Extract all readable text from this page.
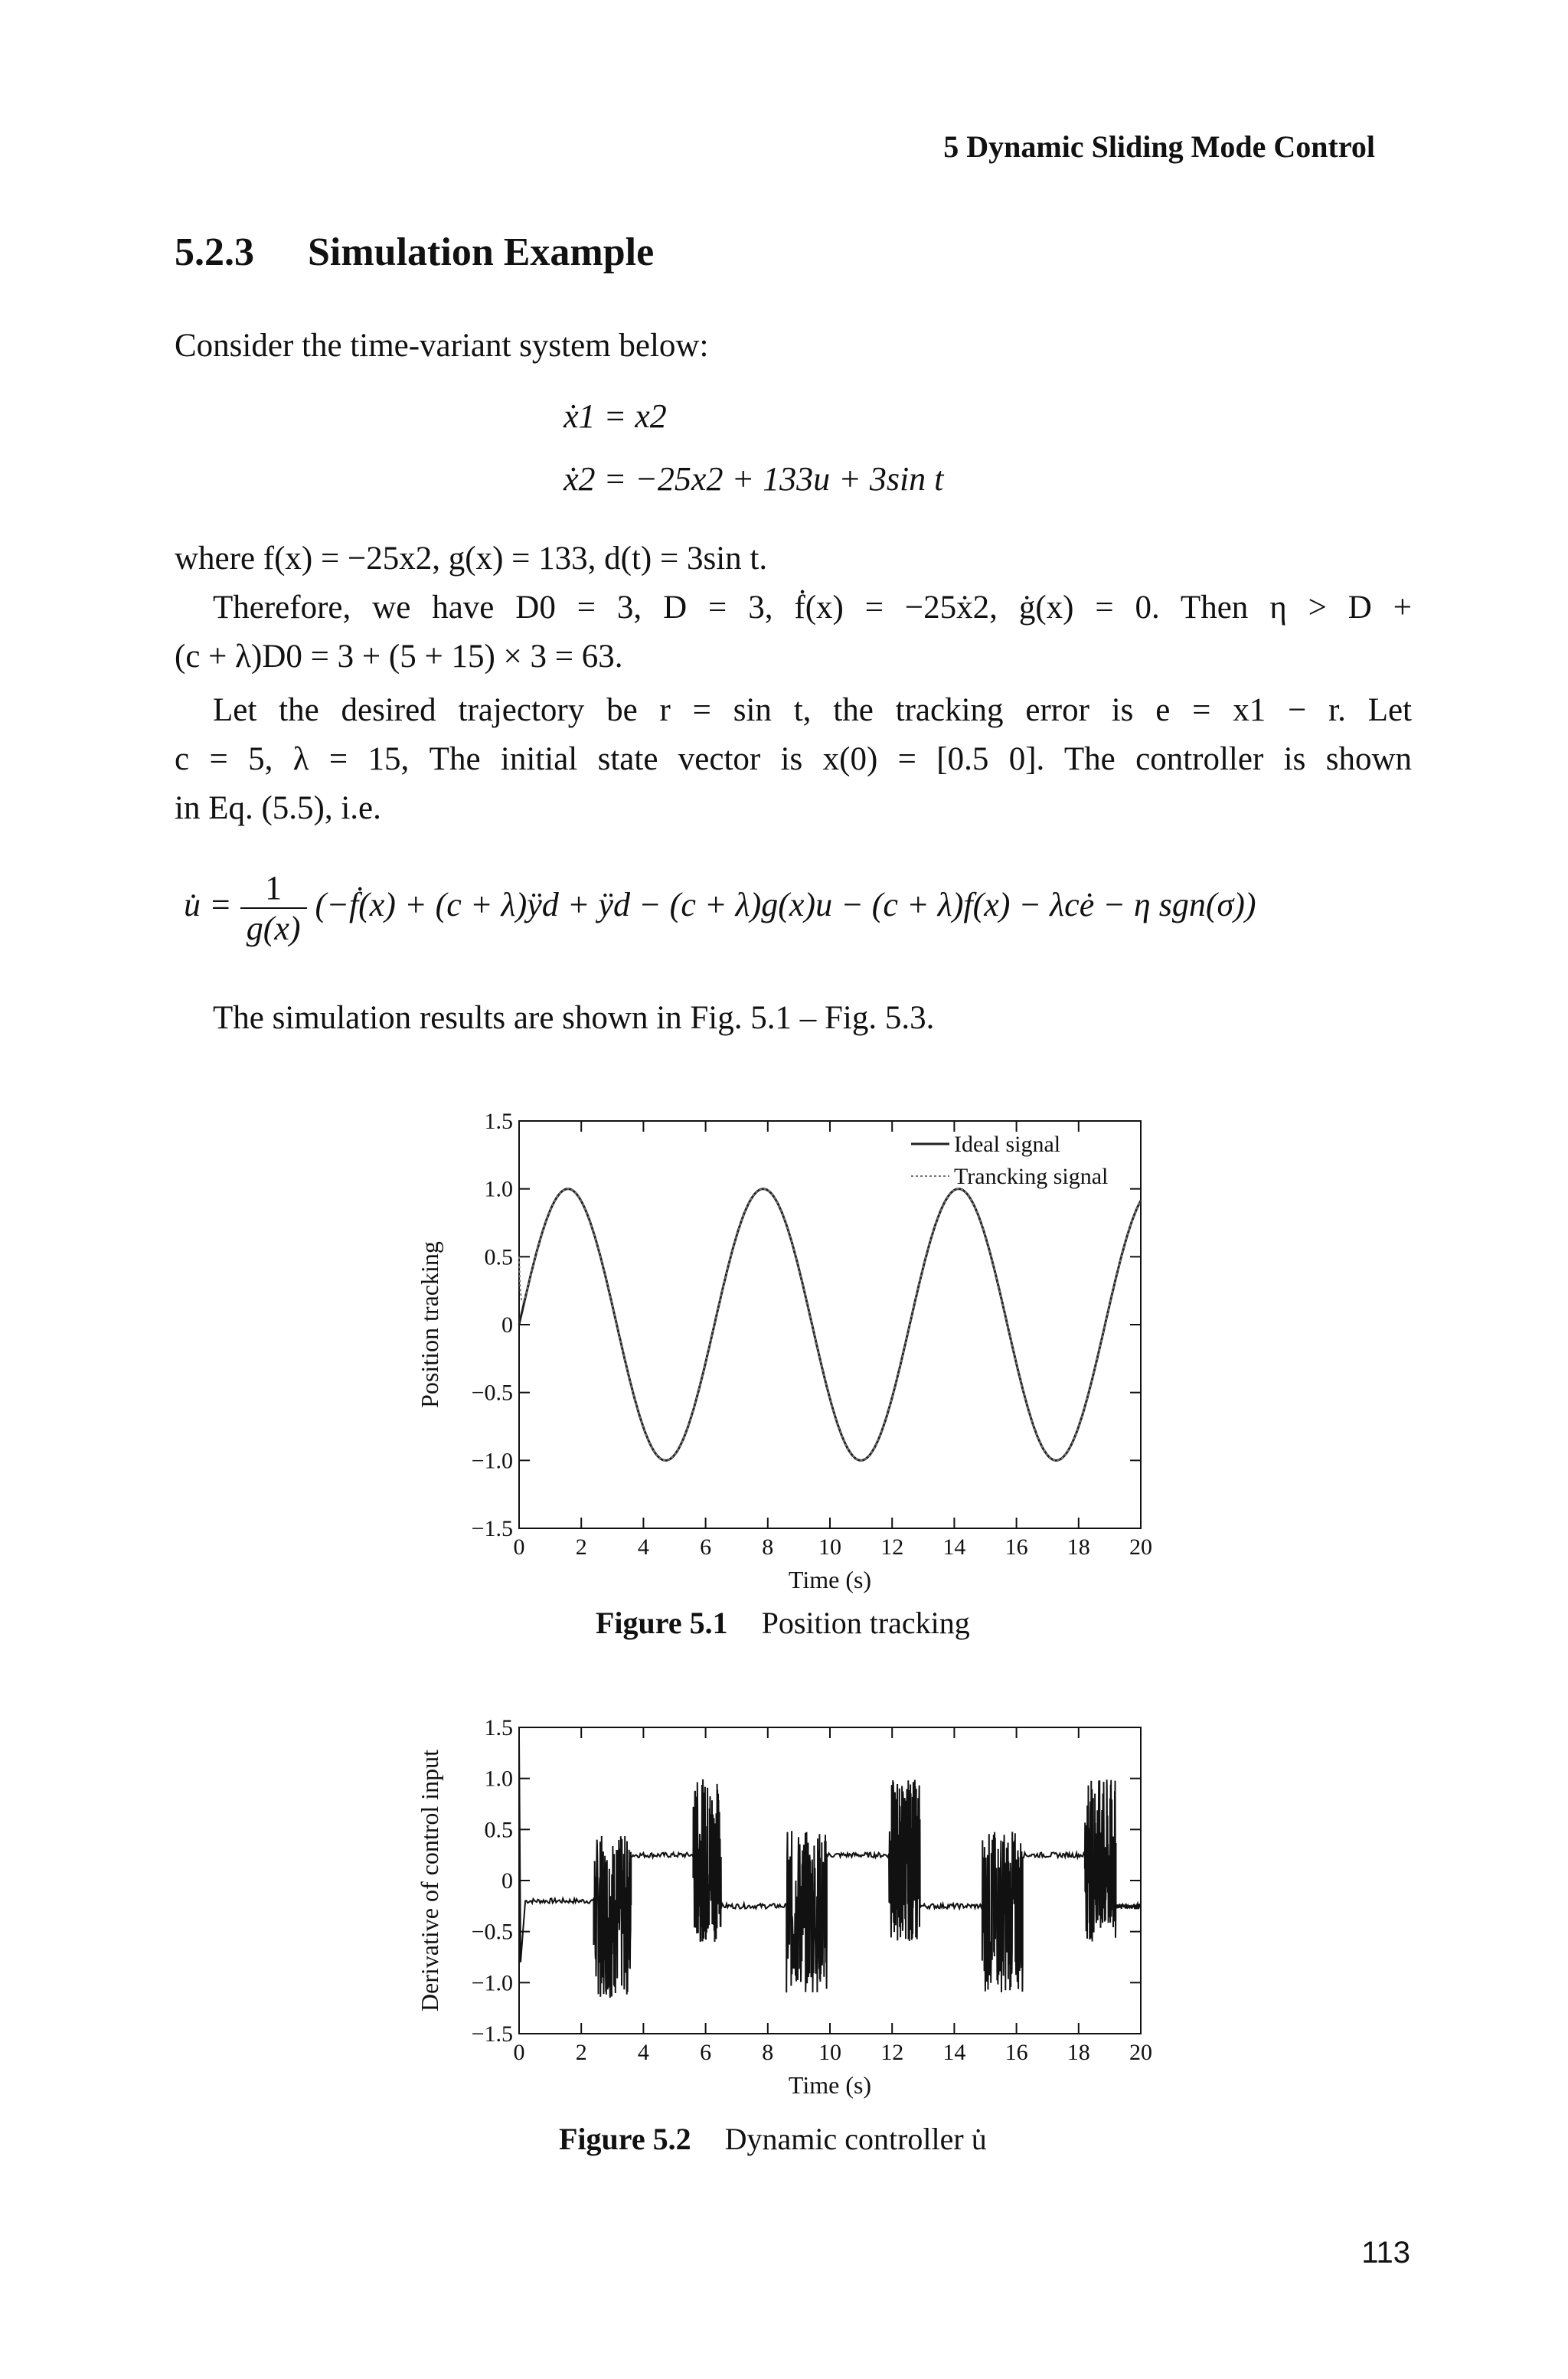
5 Dynamic Sliding Mode Control
5.2.3 Simulation Example
Consider the time-variant system below:
ẋ1 = x2
ẋ2 = −25x2 + 133u + 3sin t
where f(x) = −25x2, g(x) = 133, d(t) = 3sin t.
Therefore, we have D0 = 3, D = 3, ḟ(x) = −25ẋ2, ġ(x) = 0. Then η > D +
(c + λ)D0 = 3 + (5 + 15) × 3 = 63.
Let the desired trajectory be r = sin t, the tracking error is e = x1 − r. Let
c = 5, λ = 15, The initial state vector is x(0) = [0.5 0]. The controller is shown
in Eq. (5.5), i.e.
u̇ = $\frac{1}{g(x)}$ (−ḟ(x) + (c + λ)ÿd + ÿd − (c + λ)g(x)u − (c + λ)f(x) − λcė − η sgn(σ))
The simulation results are shown in Fig. 5.1 – Fig. 5.3.
0 2 4 6 8 10 12 14 16 18 20
1.5
1.0
0.5
0
−0.5
−1.0
−1.5
Time (s)
Position tracking
Ideal signal
Trancking signal
Figure 5.1 Position tracking
0 2 4 6 8 10 12 14 16 18 20
1.5
1.0
0.5
0
−0.5
−1.0
−1.5
Time (s)
Derivative of control input
Figure 5.2 Dynamic controller u̇
113
